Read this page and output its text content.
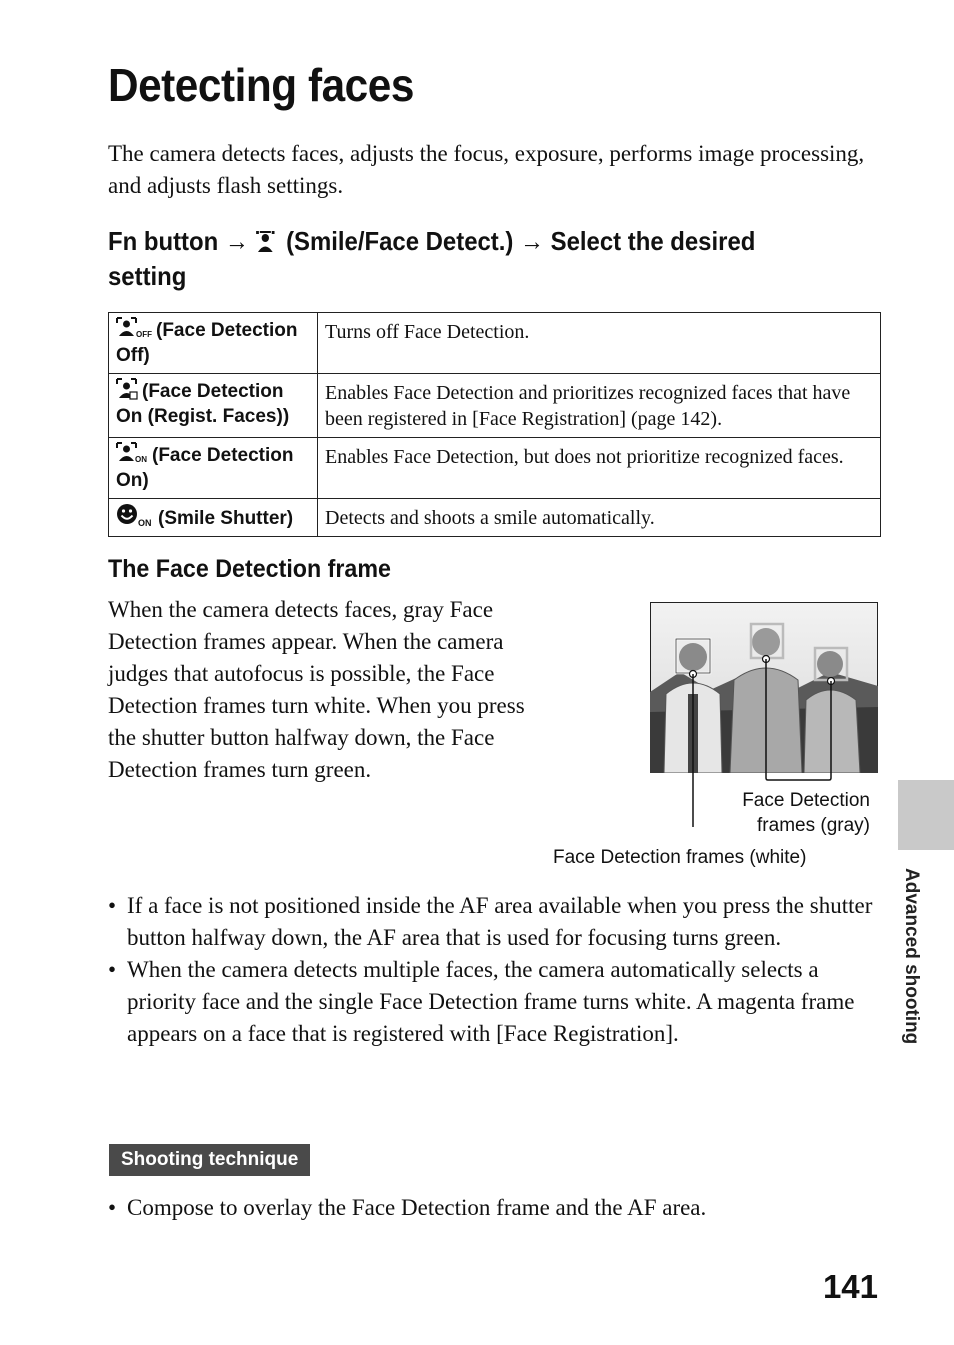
Detecting faces

The camera detects faces, adjusts the focus, exposure, performs image processing, and adjusts flash settings.

Fn button → (Smile/Face Detect.) → Select the desired setting

OFF (Face Detection Off)	Turns off Face Detection.

(Face Detection On (Regist. Faces))	Enables Face Detection and prioritizes recognized faces that have been registered in [Face Registration] (page 142).

ON (Face Detection On)	Enables Face Detection, but does not prioritize recognized faces.

ON (Smile Shutter)	Detects and shoots a smile automatically.
The Face Detection frame

When the camera detects faces, gray Face Detection frames appear. When the camera judges that autofocus is possible, the Face Detection frames turn white. When you press the shutter button halfway down, the Face Detection frames turn green.

Face Detection
frames (gray)
Face Detection frames (white)
• If a face is not positioned inside the AF area available when you press the shutter button halfway down, the AF area that is used for focusing turns green.
• When the camera detects multiple faces, the camera automatically selects a priority face and the single Face Detection frame turns white. A magenta frame appears on a face that is registered with [Face Registration].
Shooting technique
• Compose to overlay the Face Detection frame and the AF area.
Advanced shooting
141
